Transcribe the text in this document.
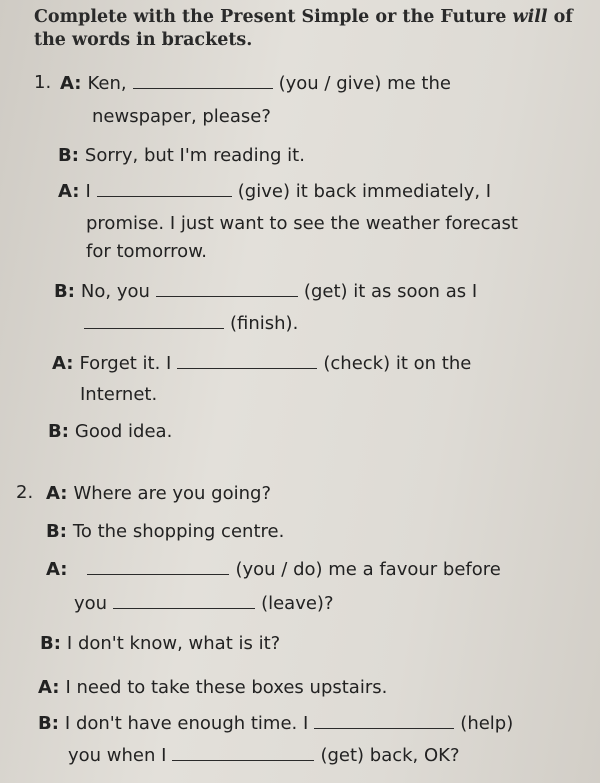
Complete with the Present Simple or the Future will of the words in brackets.
1. A: Ken,	(you / give) me the
newspaper, please?
B: Sorry, but I'm reading it.
A: I	(give) it back immediately, I
promise. I just want to see the weather forecast
for tomorrow.
B: No, you	(get) it as soon as I
(finish).
A: Forget it. I	(check) it on the
Internet.
B: Good idea.
2. A: Where are you going?
B: To the shopping centre.
A:	(you / do) me a favour before
you	(leave)?
B: I don't know, what is it?
A: I need to take these boxes upstairs.
B: I don't have enough time. I	(help)
you when I	(get) back, OK?
